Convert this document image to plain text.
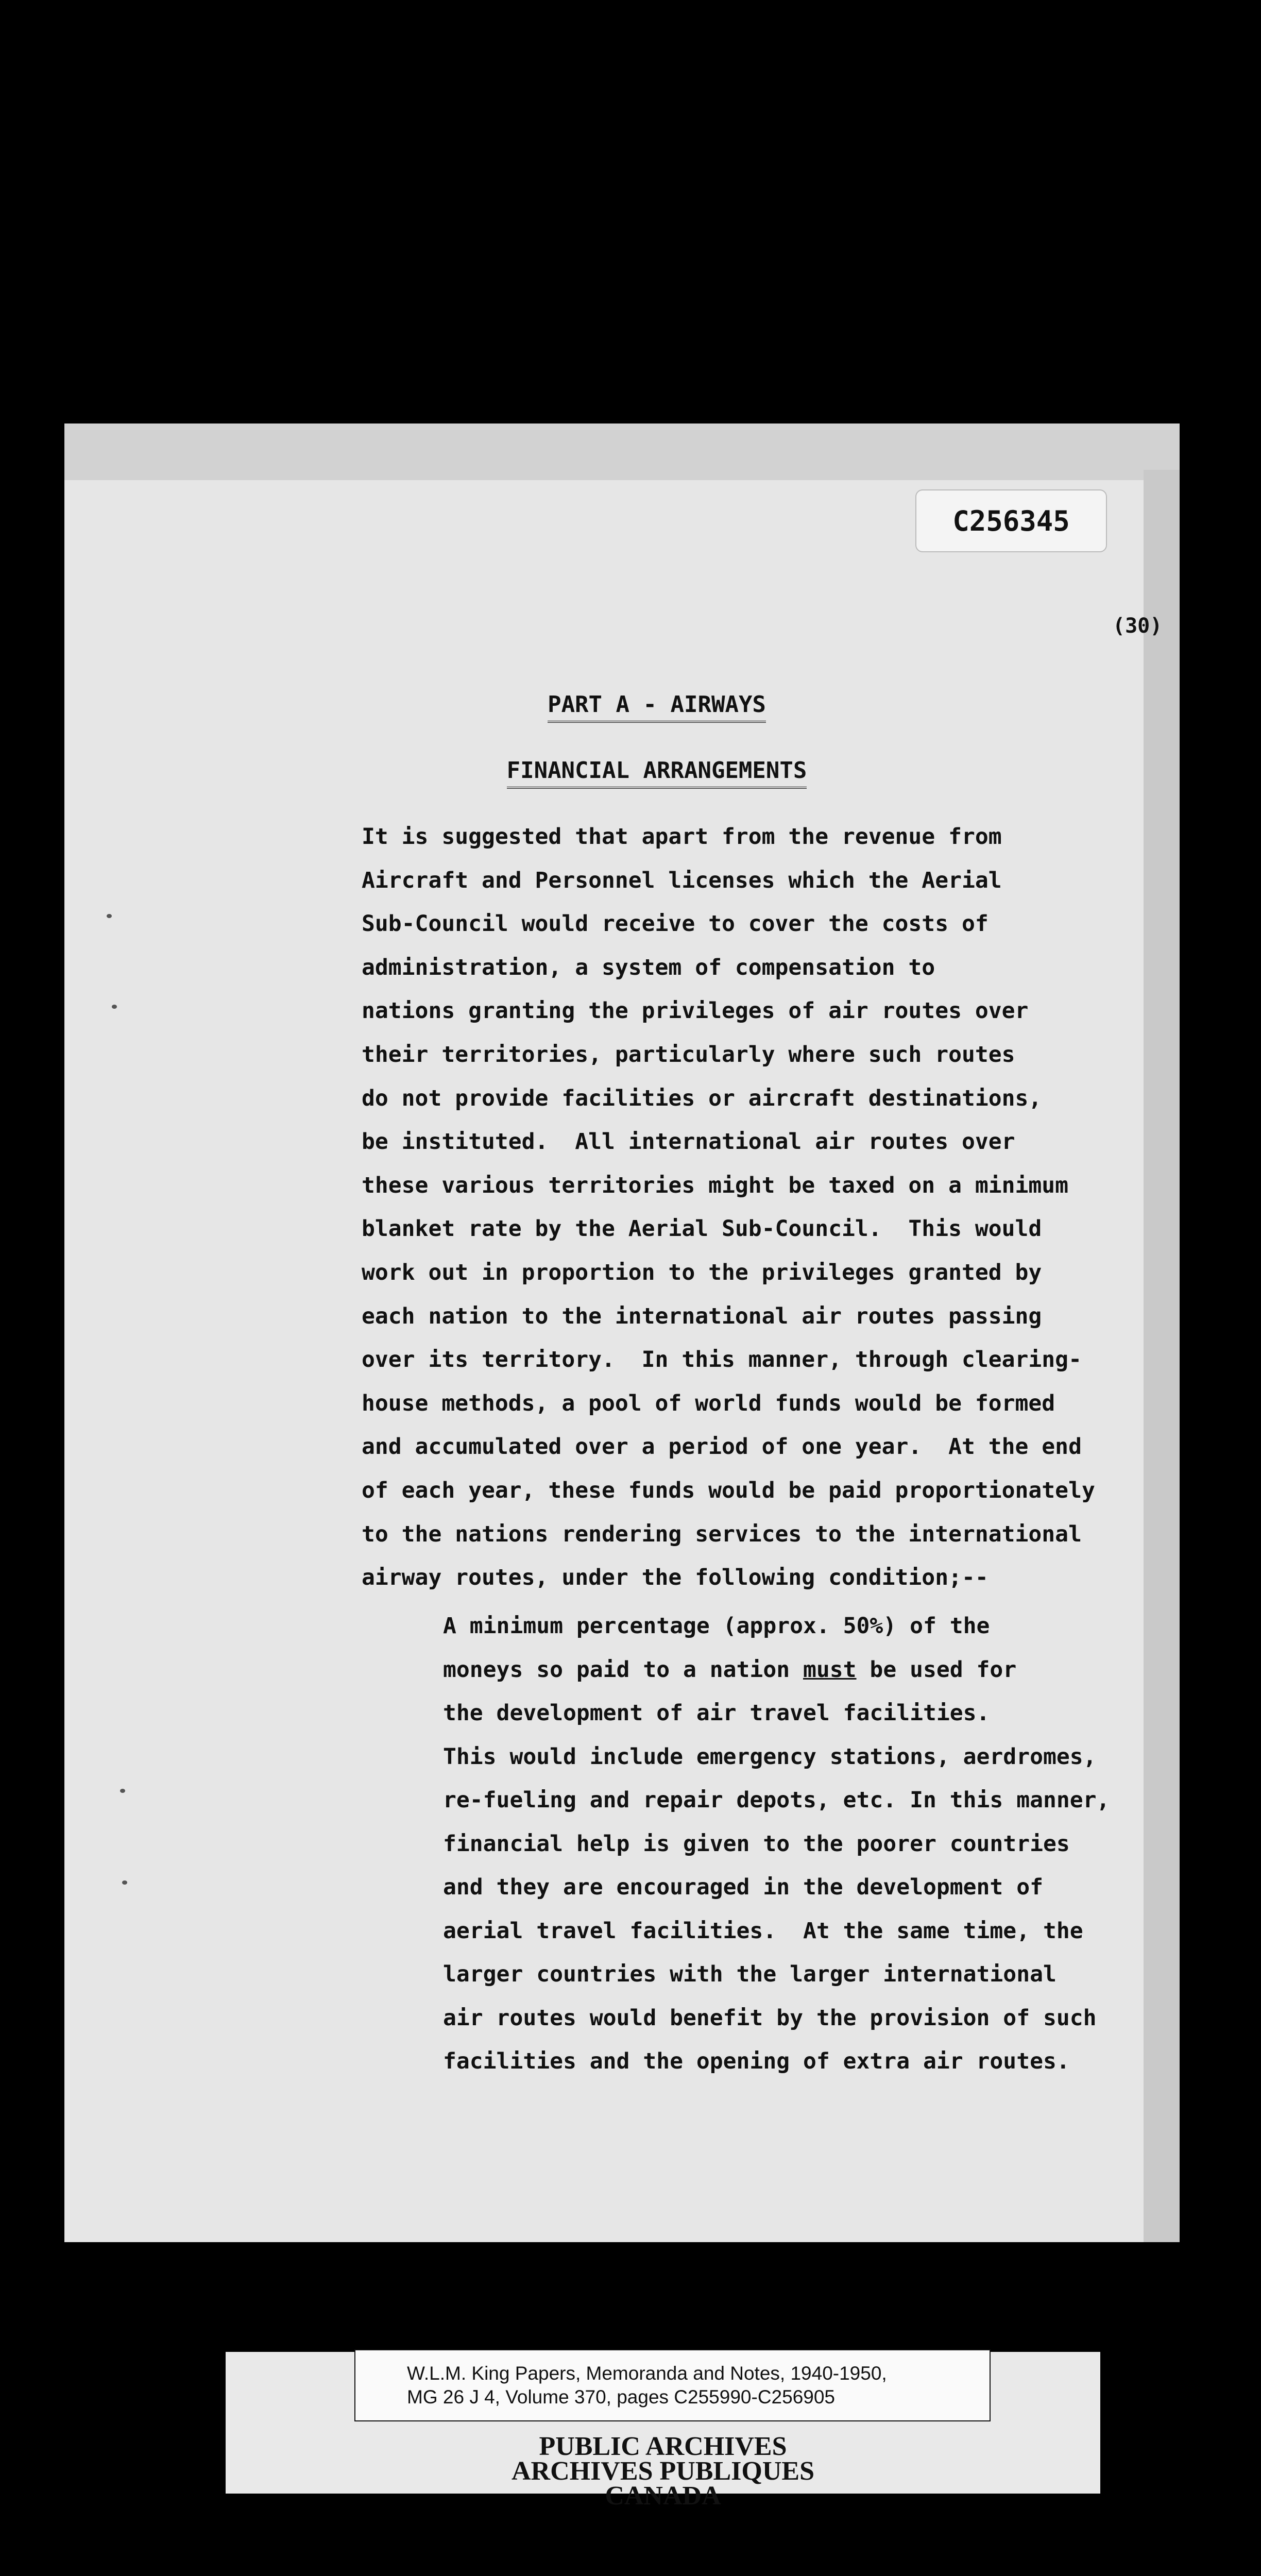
C256345
(30)
PART A - AIRWAYS
FINANCIAL ARRANGEMENTS
It is suggested that apart from the revenue from
Aircraft and Personnel licenses which the Aerial
Sub-Council would receive to cover the costs of
administration, a system of compensation to
nations granting the privileges of air routes over
their territories, particularly where such routes
do not provide facilities or aircraft destinations,
be instituted.  All international air routes over
these various territories might be taxed on a minimum
blanket rate by the Aerial Sub-Council.  This would
work out in proportion to the privileges granted by
each nation to the international air routes passing
over its territory.  In this manner, through clearing-
house methods, a pool of world funds would be formed
and accumulated over a period of one year.  At the end
of each year, these funds would be paid proportionately
to the nations rendering services to the international
airway routes, under the following condition;--
A minimum percentage (approx. 50%) of the
moneys so paid to a nation must be used for
the development of air travel facilities.
This would include emergency stations, aerdromes,
re-fueling and repair depots, etc. In this manner,
financial help is given to the poorer countries
and they are encouraged in the development of
aerial travel facilities.  At the same time, the
larger countries with the larger international
air routes would benefit by the provision of such
facilities and the opening of extra air routes.
W.L.M. King Papers, Memoranda and Notes, 1940-1950,
MG 26 J 4, Volume 370, pages C255990-C256905
PUBLIC ARCHIVES
ARCHIVES PUBLIQUES
CANADA
